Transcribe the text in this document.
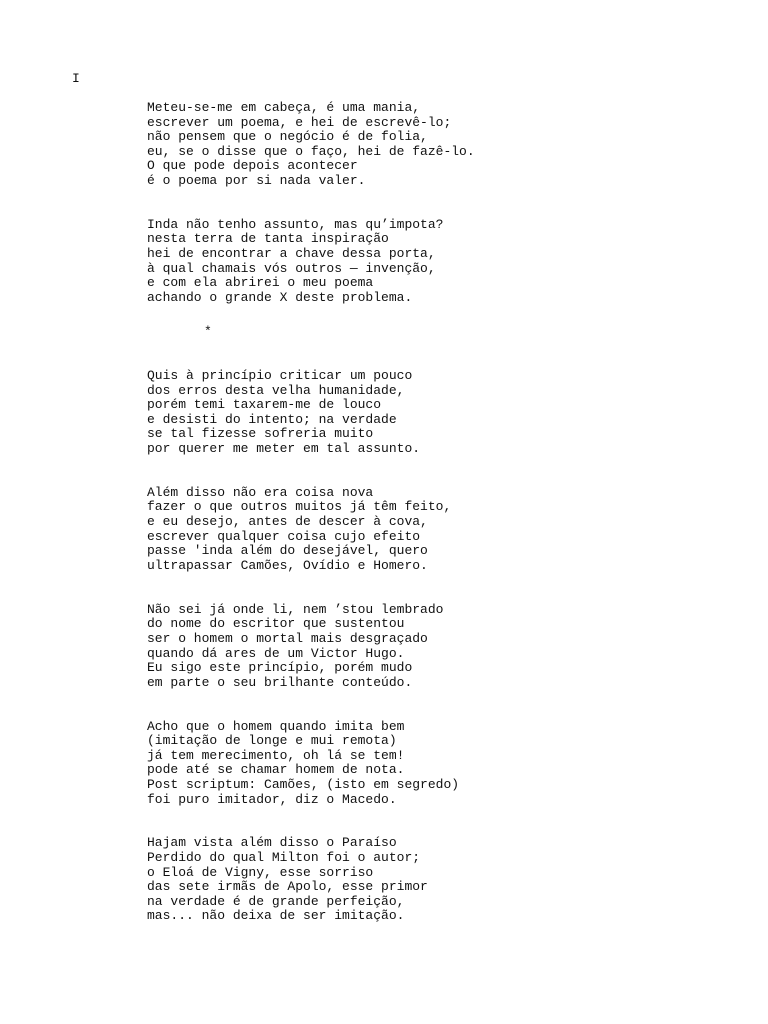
I
Meteu-se-me em cabeça, é uma mania,
escrever um poema, e hei de escrevê-lo;
não pensem que o negócio é de folia,
eu, se o disse que o faço, hei de fazê-lo.
O que pode depois acontecer
é o poema por si nada valer.
Inda não tenho assunto, mas qu’impota?
nesta terra de tanta inspiração
hei de encontrar a chave dessa porta,
à qual chamais vós outros — invenção,
e com ela abrirei o meu poema
achando o grande X deste problema.
*
Quis à princípio criticar um pouco
dos erros desta velha humanidade,
porém temi taxarem-me de louco
e desisti do intento; na verdade
se tal fizesse sofreria muito
por querer me meter em tal assunto.
Além disso não era coisa nova
fazer o que outros muitos já têm feito,
e eu desejo, antes de descer à cova,
escrever qualquer coisa cujo efeito
passe 'inda além do desejável, quero
ultrapassar Camões, Ovídio e Homero.
Não sei já onde li, nem ’stou lembrado
do nome do escritor que sustentou
ser o homem o mortal mais desgraçado
quando dá ares de um Victor Hugo.
Eu sigo este princípio, porém mudo
em parte o seu brilhante conteúdo.
Acho que o homem quando imita bem
(imitação de longe e mui remota)
já tem merecimento, oh lá se tem!
pode até se chamar homem de nota.
Post scriptum: Camões, (isto em segredo)
foi puro imitador, diz o Macedo.
Hajam vista além disso o Paraíso
Perdido do qual Milton foi o autor;
o Eloá de Vigny, esse sorriso
das sete irmãs de Apolo, esse primor
na verdade é de grande perfeição,
mas... não deixa de ser imitação.
